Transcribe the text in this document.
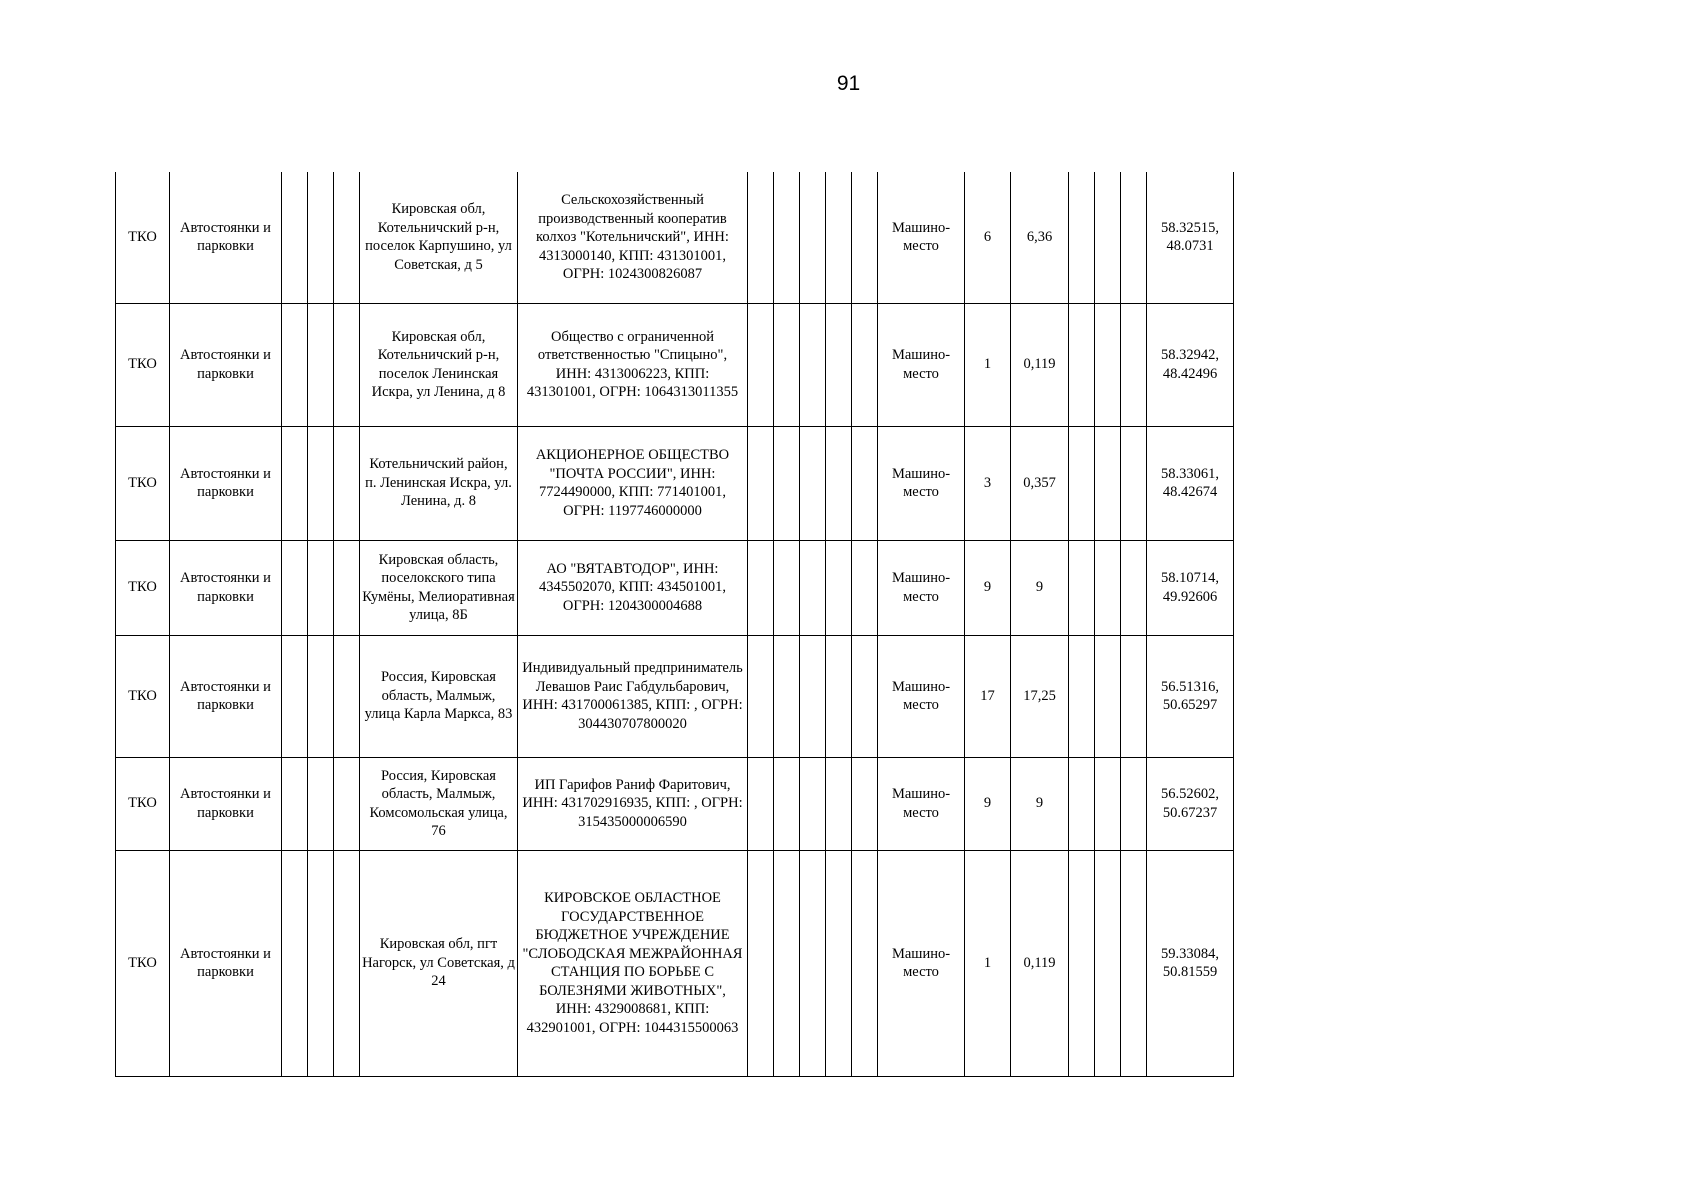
91
ТКО	Автостоянки и парковки				Кировская обл, Котельничский р-н, поселок Карпушино, ул Советская, д 5	Сельскохозяйственный производственный кооператив колхоз "Котельничский", ИНН: 4313000140, КПП: 431301001, ОГРН: 1024300826087						Машино-место	6	6,36				58.32515, 48.0731
ТКО	Автостоянки и парковки				Кировская обл, Котельничский р-н, поселок Ленинская Искра, ул Ленина, д 8	Общество с ограниченной ответственностью "Спицыно", ИНН: 4313006223, КПП: 431301001, ОГРН: 1064313011355						Машино-место	1	0,119				58.32942, 48.42496
ТКО	Автостоянки и парковки				Котельничский район, п. Ленинская Искра, ул. Ленина, д. 8	АКЦИОНЕРНОЕ ОБЩЕСТВО "ПОЧТА РОССИИ", ИНН: 7724490000, КПП: 771401001, ОГРН: 1197746000000						Машино-место	3	0,357				58.33061, 48.42674
ТКО	Автостоянки и парковки				Кировская область, поселокского типа Кумёны, Мелиоративная улица, 8Б	АО "ВЯТАВТОДОР", ИНН: 4345502070, КПП: 434501001, ОГРН: 1204300004688						Машино-место	9	9				58.10714, 49.92606
ТКО	Автостоянки и парковки				Россия, Кировская область, Малмыж, улица Карла Маркса, 83	Индивидуальный предприниматель Левашов Раис Габдульбарович, ИНН: 431700061385, КПП: , ОГРН: 304430707800020						Машино-место	17	17,25				56.51316, 50.65297
ТКО	Автостоянки и парковки				Россия, Кировская область, Малмыж, Комсомольская улица, 76	ИП Гарифов Раниф Фаритович, ИНН: 431702916935, КПП: , ОГРН: 315435000006590						Машино-место	9	9				56.52602, 50.67237
ТКО	Автостоянки и парковки				Кировская обл, пгт Нагорск, ул Советская, д 24	КИРОВСКОЕ ОБЛАСТНОЕ ГОСУДАРСТВЕННОЕ БЮДЖЕТНОЕ УЧРЕЖДЕНИЕ "СЛОБОДСКАЯ МЕЖРАЙОННАЯ СТАНЦИЯ ПО БОРЬБЕ С БОЛЕЗНЯМИ ЖИВОТНЫХ", ИНН: 4329008681, КПП: 432901001, ОГРН: 1044315500063						Машино-место	1	0,119				59.33084, 50.81559
